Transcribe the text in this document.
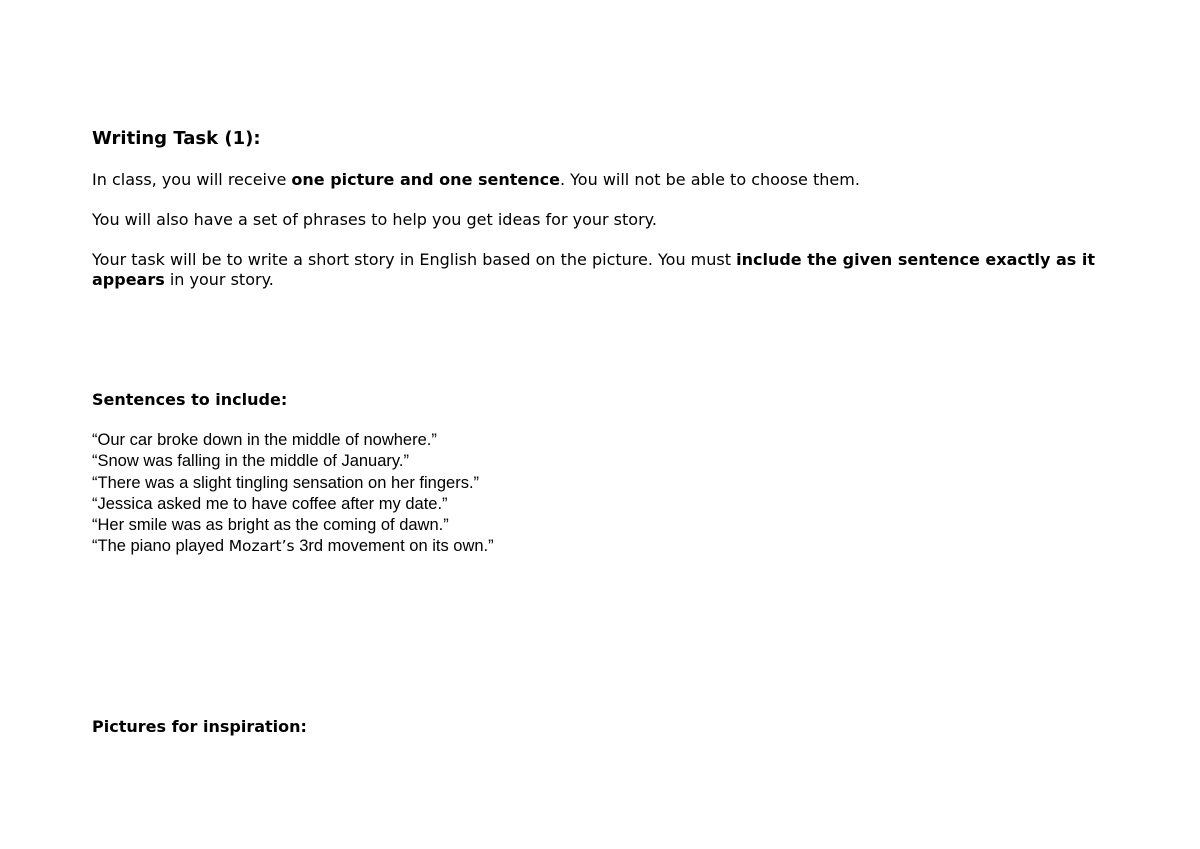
Writing Task (1):

In class, you will receive one picture and one sentence. You will not be able to choose them.

You will also have a set of phrases to help you get ideas for your story.

Your task will be to write a short story in English based on the picture. You must include the given sentence exactly as it appears in your story.

Sentences to include:
“Our car broke down in the middle of nowhere.”
“Snow was falling in the middle of January.”
“There was a slight tingling sensation on her fingers.”
“Jessica asked me to have coffee after my date.”
“Her smile was as bright as the coming of dawn.”
“The piano played Mozart’s 3rd movement on its own.”
Pictures for inspiration:
